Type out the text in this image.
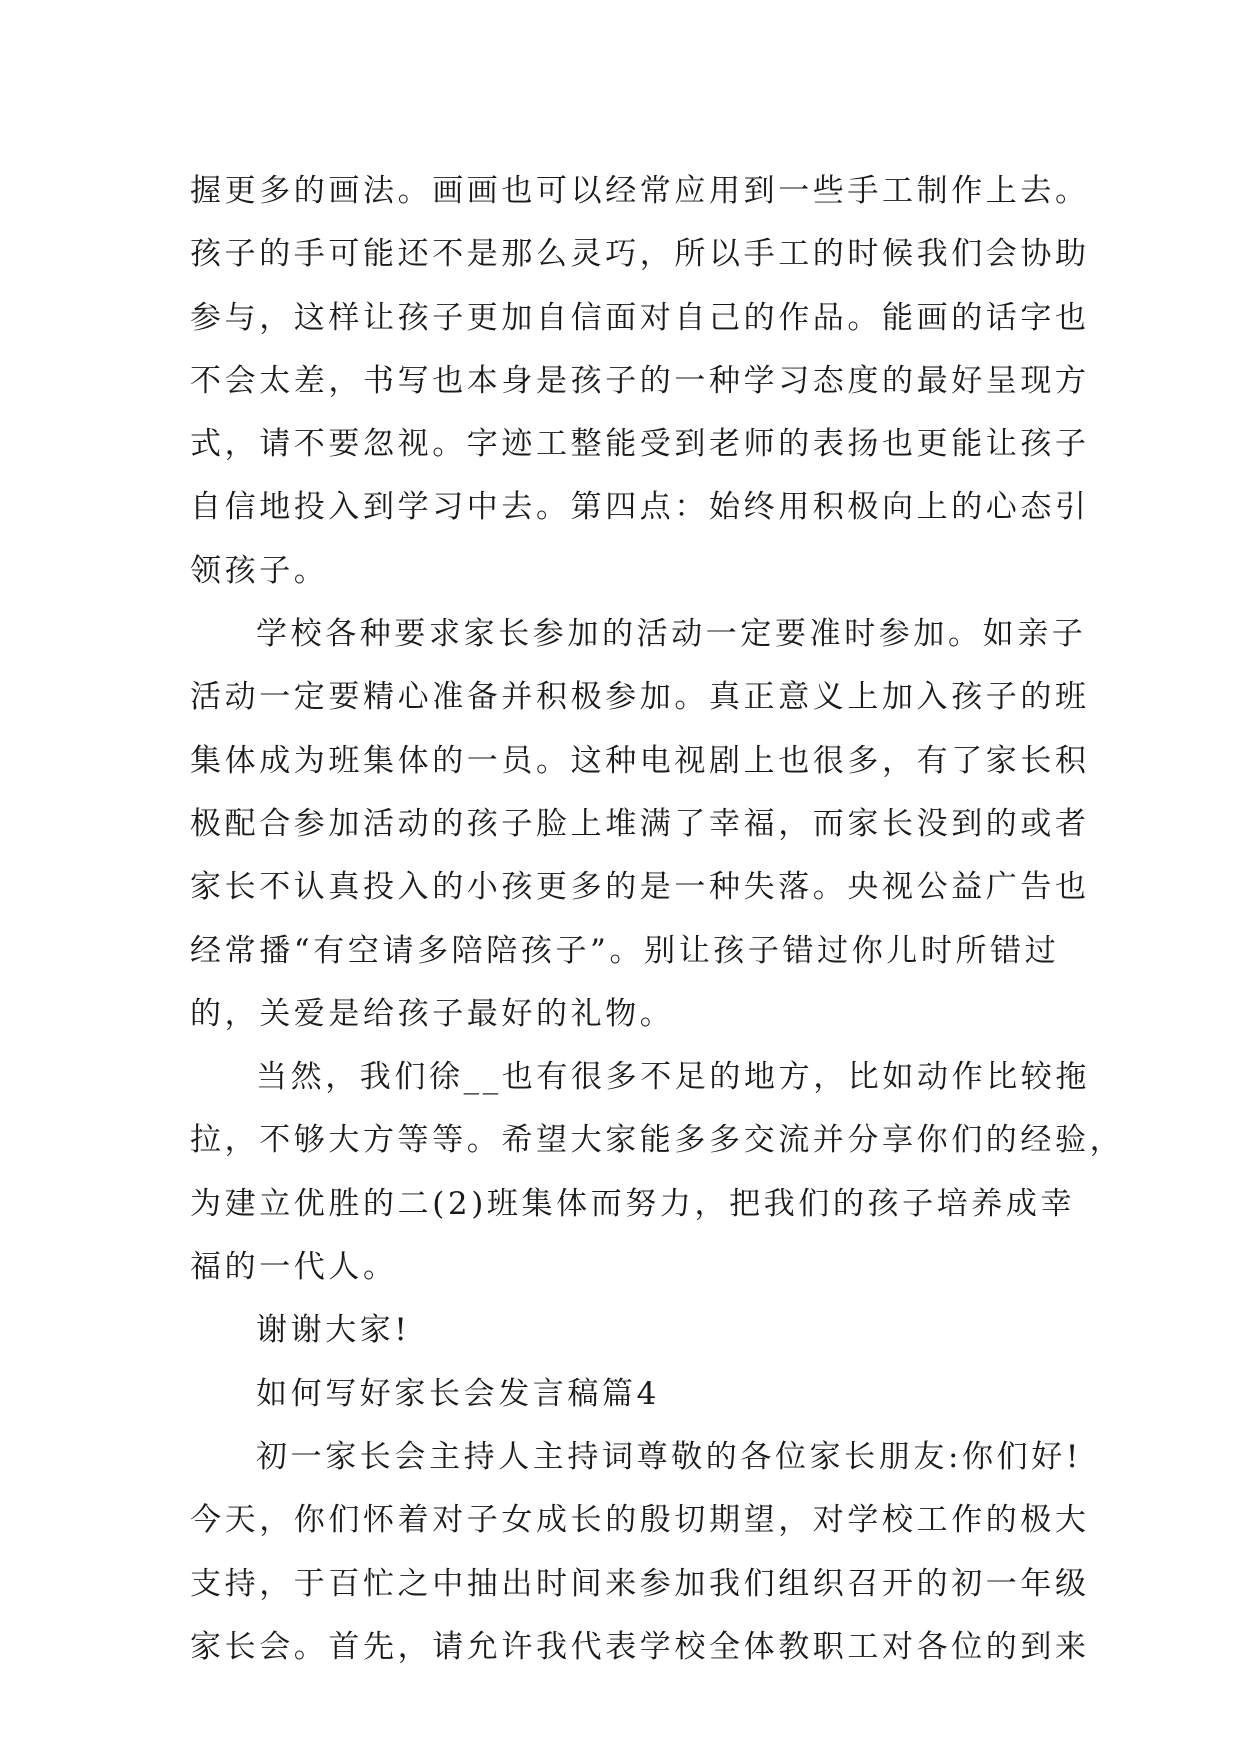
握更多的画法。画画也可以经常应用到一些手工制作上去。
孩子的手可能还不是那么灵巧，所以手工的时候我们会协助
参与，这样让孩子更加自信面对自己的作品。能画的话字也
不会太差，书写也本身是孩子的一种学习态度的最好呈现方
式，请不要忽视。字迹工整能受到老师的表扬也更能让孩子
自信地投入到学习中去。第四点：始终用积极向上的心态引
领孩子。
学校各种要求家长参加的活动一定要准时参加。如亲子
活动一定要精心准备并积极参加。真正意义上加入孩子的班
集体成为班集体的一员。这种电视剧上也很多，有了家长积
极配合参加活动的孩子脸上堆满了幸福，而家长没到的或者
家长不认真投入的小孩更多的是一种失落。央视公益广告也
经常播“有空请多陪陪孩子”。别让孩子错过你儿时所错过
的，关爱是给孩子最好的礼物。
当然，我们徐__也有很多不足的地方，比如动作比较拖
拉，不够大方等等。希望大家能多多交流并分享你们的经验，
为建立优胜的二(2)班集体而努力，把我们的孩子培养成幸
福的一代人。
谢谢大家!
如何写好家长会发言稿篇4
初一家长会主持人主持词尊敬的各位家长朋友:你们好!
今天，你们怀着对子女成长的殷切期望，对学校工作的极大
支持，于百忙之中抽出时间来参加我们组织召开的初一年级
家长会。首先，请允许我代表学校全体教职工对各位的到来
